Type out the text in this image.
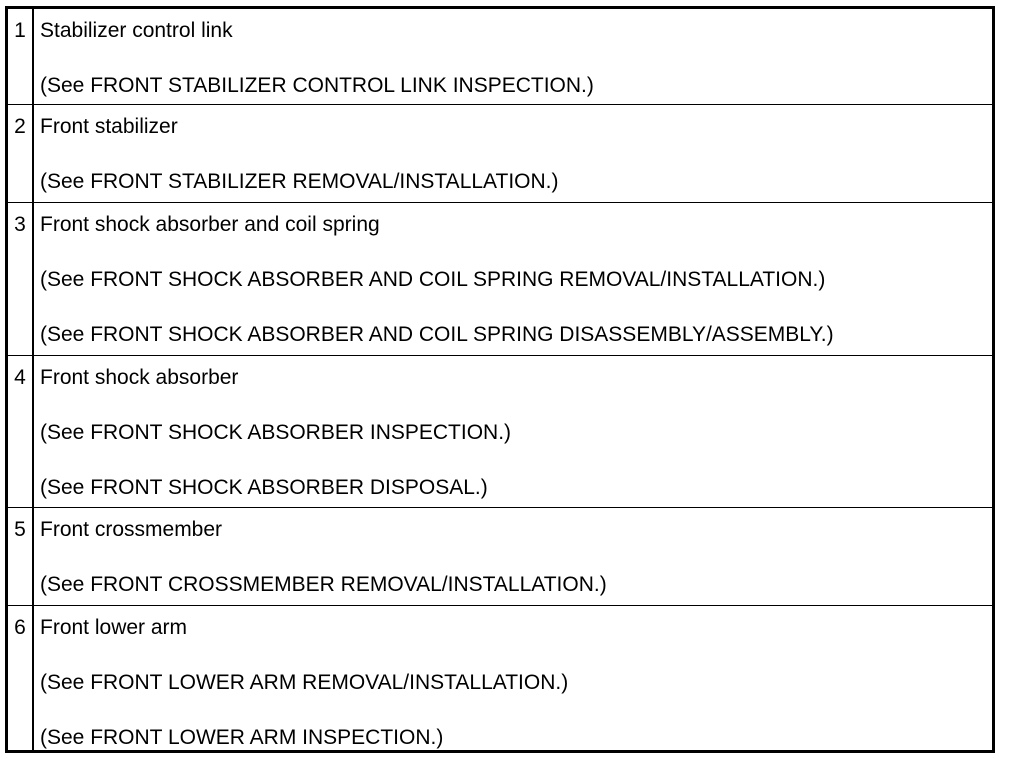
1 Stabilizer control link
(See FRONT STABILIZER CONTROL LINK INSPECTION.)
2 Front stabilizer
(See FRONT STABILIZER REMOVAL/INSTALLATION.)
3 Front shock absorber and coil spring
(See FRONT SHOCK ABSORBER AND COIL SPRING REMOVAL/INSTALLATION.)
(See FRONT SHOCK ABSORBER AND COIL SPRING DISASSEMBLY/ASSEMBLY.)
4 Front shock absorber
(See FRONT SHOCK ABSORBER INSPECTION.)
(See FRONT SHOCK ABSORBER DISPOSAL.)
5 Front crossmember
(See FRONT CROSSMEMBER REMOVAL/INSTALLATION.)
6 Front lower arm
(See FRONT LOWER ARM REMOVAL/INSTALLATION.)
(See FRONT LOWER ARM INSPECTION.)
